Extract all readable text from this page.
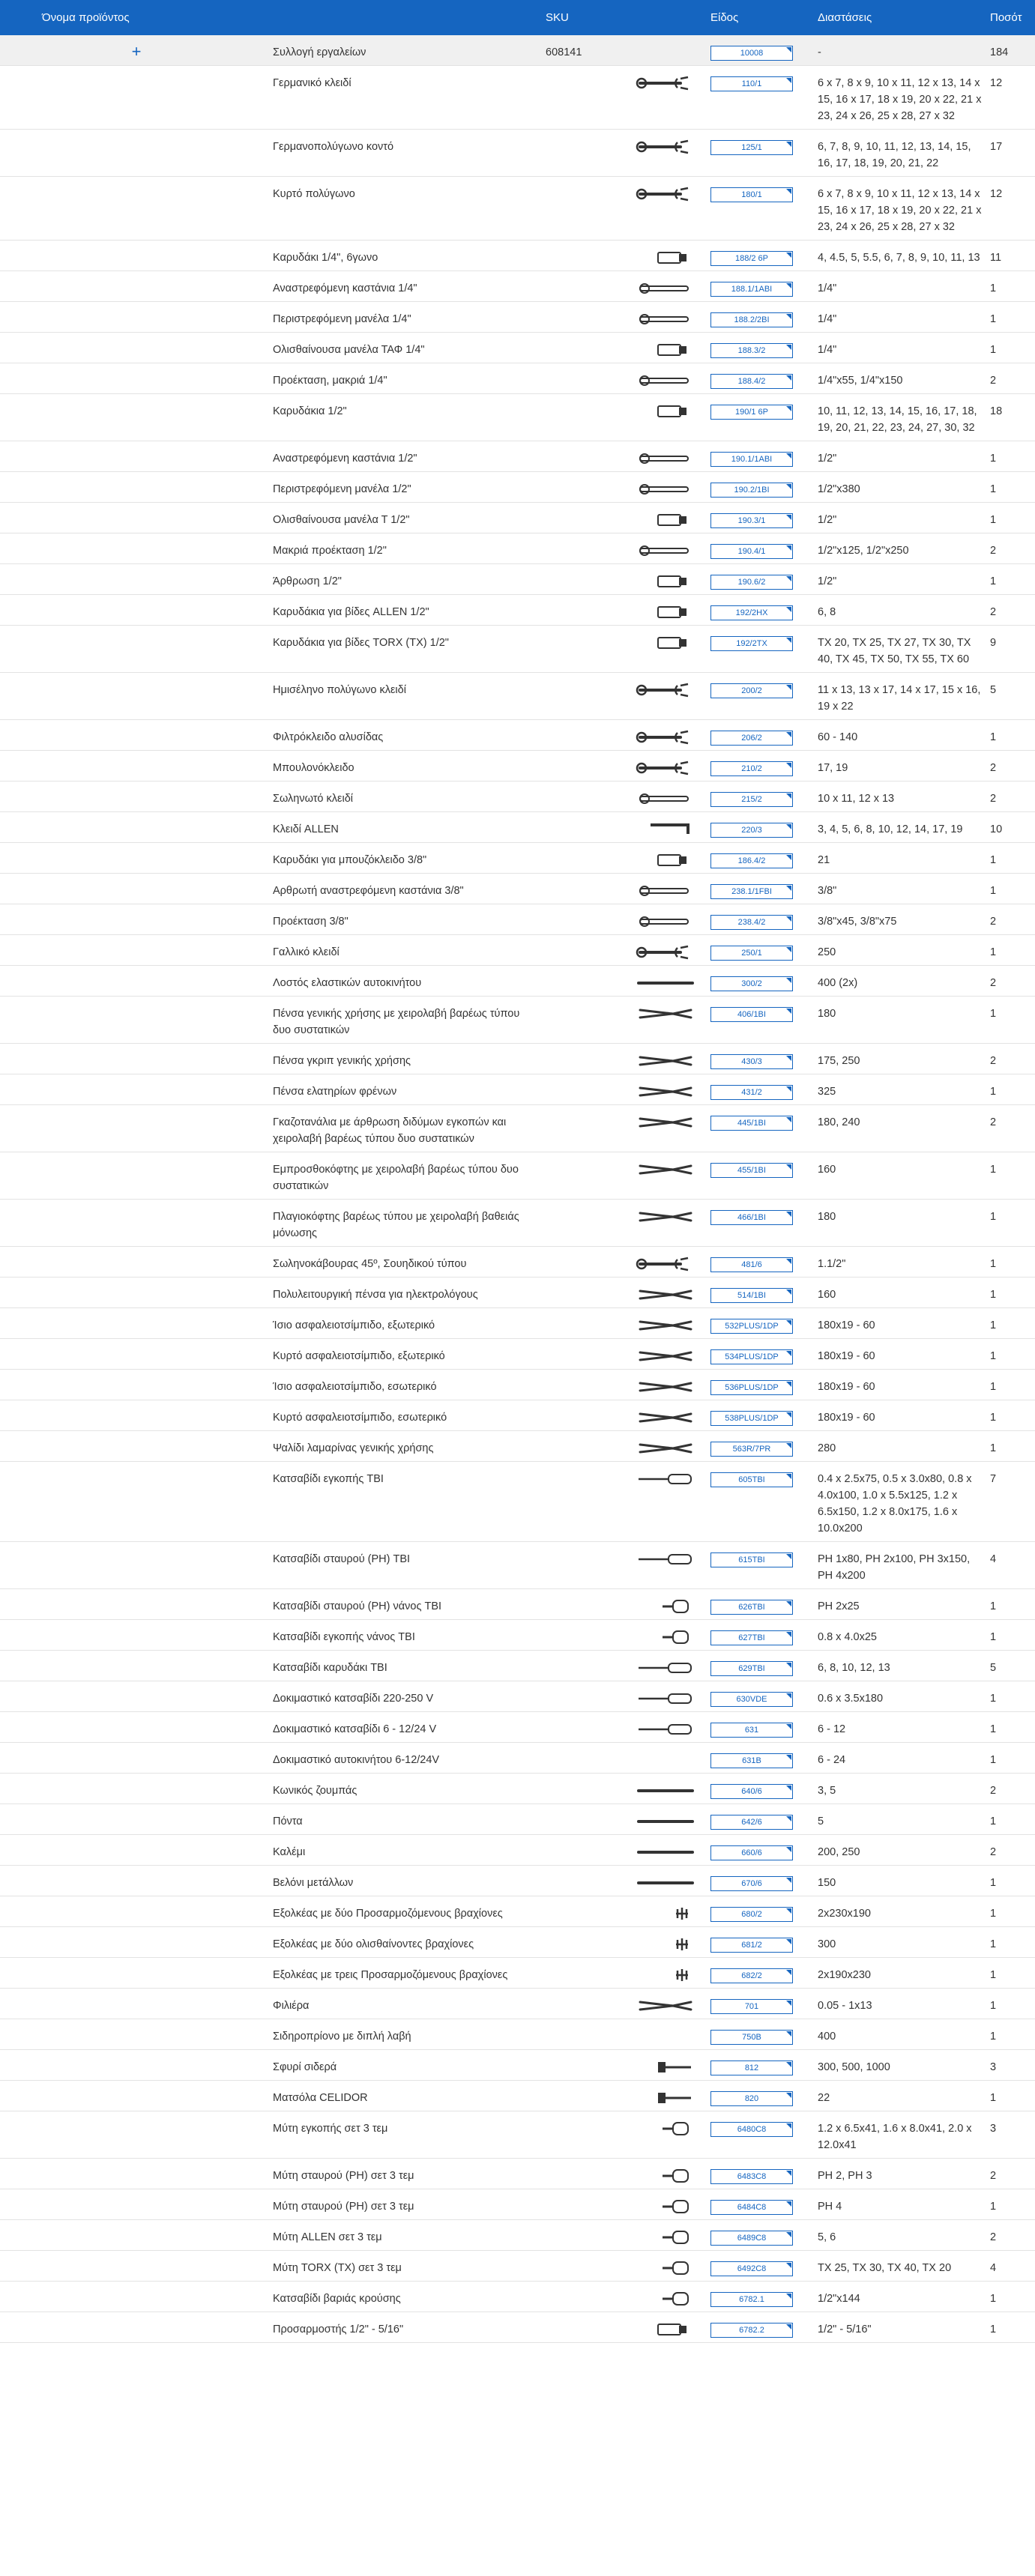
Όνομα προϊόντος		SKU		Είδος	Διαστάσεις	Ποσότ
+	Συλλογή εργαλείων	608141		10008	-	184
	Γερμανικό κλειδί			110/1	6 x 7, 8 x 9, 10 x 11, 12 x 13, 14 x 15, 16 x 17, 18 x 19, 20 x 22, 21 x 23, 24 x 26, 25 x 28, 27 x 32	12
	Γερμανοπολύγωνο κοντό			125/1	6, 7, 8, 9, 10, 11, 12, 13, 14, 15, 16, 17, 18, 19, 20, 21, 22	17
	Κυρτό πολύγωνο			180/1	6 x 7, 8 x 9, 10 x 11, 12 x 13, 14 x 15, 16 x 17, 18 x 19, 20 x 22, 21 x 23, 24 x 26, 25 x 28, 27 x 32	12
	Καρυδάκι 1/4", 6γωνο			188/2 6P	4, 4.5, 5, 5.5, 6, 7, 8, 9, 10, 11, 13	11
	Αναστρεφόμενη καστάνια 1/4"			188.1/1ABI	1/4"	1
	Περιστρεφόμενη μανέλα 1/4"			188.2/2BI	1/4"	1
	Ολισθαίνουσα μανέλα ΤΑΦ 1/4"			188.3/2	1/4"	1
	Προέκταση, μακριά 1/4"			188.4/2	1/4"x55, 1/4"x150	2
	Καρυδάκια 1/2"			190/1 6P	10, 11, 12, 13, 14, 15, 16, 17, 18, 19, 20, 21, 22, 23, 24, 27, 30, 32	18
	Αναστρεφόμενη καστάνια 1/2"			190.1/1ABI	1/2"	1
	Περιστρεφόμενη μανέλα 1/2"			190.2/1BI	1/2"x380	1
	Ολισθαίνουσα μανέλα Τ 1/2"			190.3/1	1/2"	1
	Μακριά προέκταση 1/2"			190.4/1	1/2"x125, 1/2"x250	2
	Άρθρωση 1/2"			190.6/2	1/2"	1
	Καρυδάκια για βίδες ALLEN 1/2"			192/2HX	6, 8	2
	Καρυδάκια για βίδες TORX (TX) 1/2"			192/2TX	TX 20, TX 25, TX 27, TX 30, TX 40, TX 45, TX 50, TX 55, TX 60	9
	Ημισέληνο πολύγωνο κλειδί			200/2	11 x 13, 13 x 17, 14 x 17, 15 x 16, 19 x 22	5
	Φιλτρόκλειδο αλυσίδας			206/2	60 - 140	1
	Μπουλονόκλειδο			210/2	17, 19	2
	Σωληνωτό κλειδί			215/2	10 x 11, 12 x 13	2
	Κλειδί ALLEN			220/3	3, 4, 5, 6, 8, 10, 12, 14, 17, 19	10
	Καρυδάκι για μπουζόκλειδο 3/8"			186.4/2	21	1
	Αρθρωτή αναστρεφόμενη καστάνια 3/8"			238.1/1FBI	3/8"	1
	Προέκταση 3/8"			238.4/2	3/8"x45, 3/8"x75	2
	Γαλλικό κλειδί			250/1	250	1
	Λοστός ελαστικών αυτοκινήτου			300/2	400 (2x)	2
	Πένσα γενικής χρήσης με χειρολαβή βαρέως τύπου δυο συστατικών			406/1BI	180	1
	Πένσα γκριπ γενικής χρήσης			430/3	175, 250	2
	Πένσα ελατηρίων φρένων			431/2	325	1
	Γκαζοτανάλια με άρθρωση διδύμων εγκοπών και χειρολαβή βαρέως τύπου δυο συστατικών			445/1BI	180, 240	2
	Εμπροσθοκόφτης με χειρολαβή βαρέως τύπου δυο συστατικών			455/1BI	160	1
	Πλαγιοκόφτης βαρέως τύπου με χειρολαβή βαθειάς μόνωσης			466/1BI	180	1
	Σωληνοκάβουρας 45º, Σουηδικού τύπου			481/6	1.1/2"	1
	Πολυλειτουργική πένσα για ηλεκτρολόγους			514/1BI	160	1
	Ίσιο ασφαλειοτσίμπιδο, εξωτερικό			532PLUS/1DP	180x19 - 60	1
	Κυρτό ασφαλειοτσίμπιδο, εξωτερικό			534PLUS/1DP	180x19 - 60	1
	Ίσιο ασφαλειοτσίμπιδο, εσωτερικό			536PLUS/1DP	180x19 - 60	1
	Κυρτό ασφαλειοτσίμπιδο, εσωτερικό			538PLUS/1DP	180x19 - 60	1
	Ψαλίδι λαμαρίνας γενικής χρήσης			563R/7PR	280	1
	Κατσαβίδι εγκοπής TBI			605TBI	0.4 x 2.5x75, 0.5 x 3.0x80, 0.8 x 4.0x100, 1.0 x 5.5x125, 1.2 x 6.5x150, 1.2 x 8.0x175, 1.6 x 10.0x200	7
	Κατσαβίδι σταυρού (PH) TBI			615TBI	PH 1x80, PH 2x100, PH 3x150, PH 4x200	4
	Κατσαβίδι σταυρού (PH) νάνος TBI			626TBI	PH 2x25	1
	Κατσαβίδι εγκοπής νάνος TBI			627TBI	0.8 x 4.0x25	1
	Κατσαβίδι καρυδάκι TBI			629TBI	6, 8, 10, 12, 13	5
	Δοκιμαστικό κατσαβίδι 220-250 V			630VDE	0.6 x 3.5x180	1
	Δοκιμαστικό κατσαβίδι 6 - 12/24 V			631	6 - 12	1
	Δοκιμαστικό αυτοκινήτου 6-12/24V			631B	6 - 24	1
	Κωνικός ζουμπάς			640/6	3, 5	2
	Πόντα			642/6	5	1
	Καλέμι			660/6	200, 250	2
	Βελόνι μετάλλων			670/6	150	1
	Εξολκέας με δύο Προσαρμοζόμενους βραχίονες			680/2	2x230x190	1
	Εξολκέας με δύο ολισθαίνοντες βραχίονες			681/2	300	1
	Εξολκέας με τρεις Προσαρμοζόμενους βραχίονες			682/2	2x190x230	1
	Φιλιέρα			701	0.05 - 1x13	1
	Σιδηροπρίονο με διπλή λαβή			750B	400	1
	Σφυρί σιδερά			812	300, 500, 1000	3
	Ματσόλα CELIDOR			820	22	1
	Μύτη εγκοπής σετ 3 τεμ			6480C8	1.2 x 6.5x41, 1.6 x 8.0x41, 2.0 x 12.0x41	3
	Μύτη σταυρού (PH) σετ 3 τεμ			6483C8	PH 2, PH 3	2
	Μύτη σταυρού (PH) σετ 3 τεμ			6484C8	PH 4	1
	Μύτη ALLEN σετ 3 τεμ			6489C8	5, 6	2
	Μύτη TORX (TX) σετ 3 τεμ			6492C8	TX 25, TX 30, TX 40, TX 20	4
	Κατσαβίδι βαριάς κρούσης			6782.1	1/2"x144	1
	Προσαρμοστής 1/2" - 5/16"			6782.2	1/2" - 5/16"	1
